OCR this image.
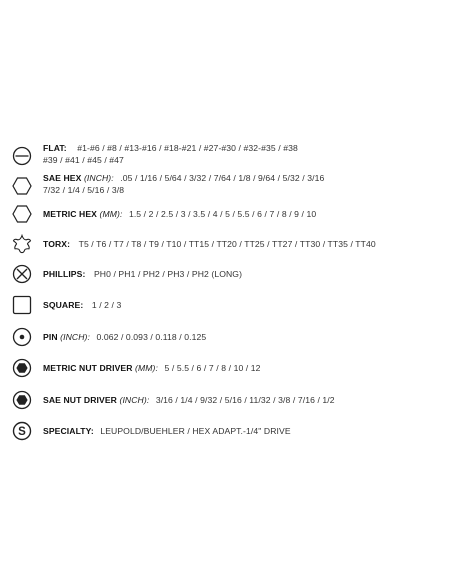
FLAT: #1-#6 / #8 / #13-#16 / #18-#21 / #27-#30 / #32-#35 / #38
#39 / #41 / #45 / #47
SAE HEX (INCH): .05 / 1/16 / 5/64 / 3/32 / 7/64 / 1/8 / 9/64 / 5/32 / 3/16
7/32 / 1/4 / 5/16 / 3/8
METRIC HEX (MM): 1.5 / 2 / 2.5 / 3 / 3.5 / 4 / 5 / 5.5 / 6 / 7 / 8 / 9 / 10
TORX: T5 / T6 / T7 / T8 / T9 / T10 / TT15 / TT20 / TT25 / TT27 / TT30 / TT35 / TT40
PHILLIPS: PH0 / PH1 / PH2 / PH3 / PH2 (LONG)
SQUARE: 1 / 2 / 3
PIN (INCH): 0.062 / 0.093 / 0.118 / 0.125
METRIC NUT DRIVER (MM): 5 / 5.5 / 6 / 7 / 8 / 10 / 12
SAE NUT DRIVER (INCH): 3/16 / 1/4 / 9/32 / 5/16 / 11/32 / 3/8 / 7/16 / 1/2
S SPECIALTY: LEUPOLD/BUEHLER / HEX ADAPT.-1/4" DRIVE
